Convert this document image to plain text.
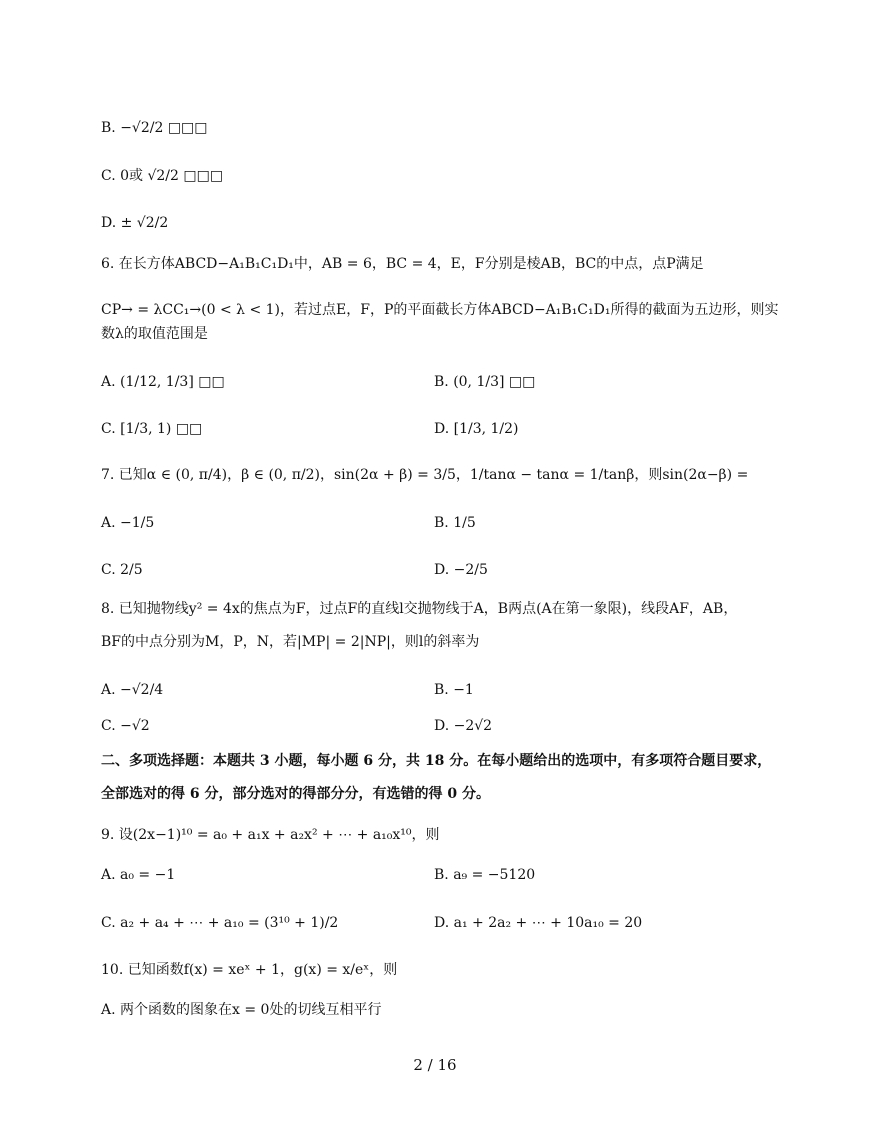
B. −√2/2 □□□
C. 0或 √2/2 □□□
D. ± √2/2
6. 在长方体ABCD−A₁B₁C₁D₁中，AB = 6，BC = 4，E，F分别是棱AB，BC的中点，点P满足
CP→ = λCC₁→(0 < λ < 1)，若过点E，F，P的平面截长方体ABCD−A₁B₁C₁D₁所得的截面为五边形，则实
数λ的取值范围是
A. (1/12, 1/3] □□	B. (0, 1/3] □□
C. [1/3, 1) □□	D. [1/3, 1/2)
7. 已知α ∈ (0, π/4)，β ∈ (0, π/2)，sin(2α + β) = 3/5，1/tanα − tanα = 1/tanβ，则sin(2α−β) =
A. −1/5	B. 1/5
C. 2/5	D. −2/5
8. 已知抛物线y² = 4x的焦点为F，过点F的直线l交抛物线于A，B两点(A在第一象限)，线段AF，AB，
BF的中点分别为M，P，N，若|MP| = 2|NP|，则l的斜率为
A. −√2/4	B. −1
C. −√2	D. −2√2
二、多项选择题：本题共 3 小题，每小题 6 分，共 18 分。在每小题给出的选项中，有多项符合题目要求，
全部选对的得 6 分，部分选对的得部分分，有选错的得 0 分。
9. 设(2x−1)¹⁰ = a₀ + a₁x + a₂x² + ⋯ + a₁₀x¹⁰，则
A. a₀ = −1	B. a₉ = −5120
C. a₂ + a₄ + ⋯ + a₁₀ = (3¹⁰ + 1)/2	D. a₁ + 2a₂ + ⋯ + 10a₁₀ = 20
10. 已知函数f(x) = xeˣ + 1，g(x) = x/eˣ，则
A. 两个函数的图象在x = 0处的切线互相平行
2 / 16
